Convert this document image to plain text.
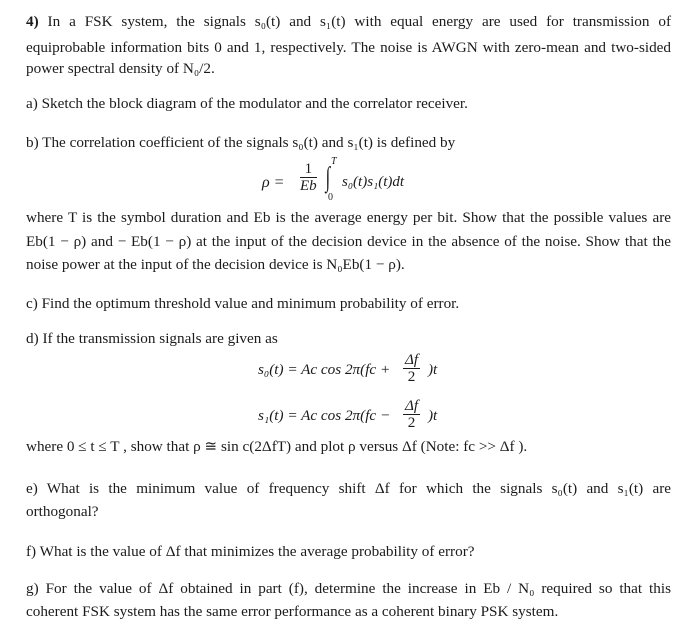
4) In a FSK system, the signals s₀(t) and s₁(t) with equal energy are used for transmission of
equiprobable information bits 0 and 1, respectively. The noise is AWGN with zero-mean and two-sided
power spectral density of N₀/2.
a) Sketch the block diagram of the modulator and the correlator receiver.
b) The correlation coefficient of the signals s₀(t) and s₁(t) is defined by
$\rho = \frac{1}{Eb}$ T
∫
0
s₀(t)s₁(t)dt
where T is the symbol duration and Eb is the average energy per bit. Show that the possible values are
Eb(1 − ρ) and − Eb(1 − ρ) at the input of the decision device in the absence of the noise. Show that the
noise power at the input of the decision device is N₀Eb(1 − ρ).
c) Find the optimum threshold value and minimum probability of error.
d) If the transmission signals are given as
s₀(t) = Ac $\cos 2\pi(fc + \frac{\Delta f}{2} )t$
s₁(t) = Ac $\cos 2\pi(fc - \frac{\Delta f}{2} )t$
where 0 ≤ t ≤ T , show that ρ ≅ sin c(2ΔfT) and plot ρ versus Δf (Note: fc >> Δf ).
e) What is the minimum value of frequency shift Δf for which the signals s₀(t) and s₁(t) are
orthogonal?
f) What is the value of Δf that minimizes the average probability of error?
g) For the value of Δf obtained in part (f), determine the increase in Eb / N₀ required so that this
coherent FSK system has the same error performance as a coherent binary PSK system.
